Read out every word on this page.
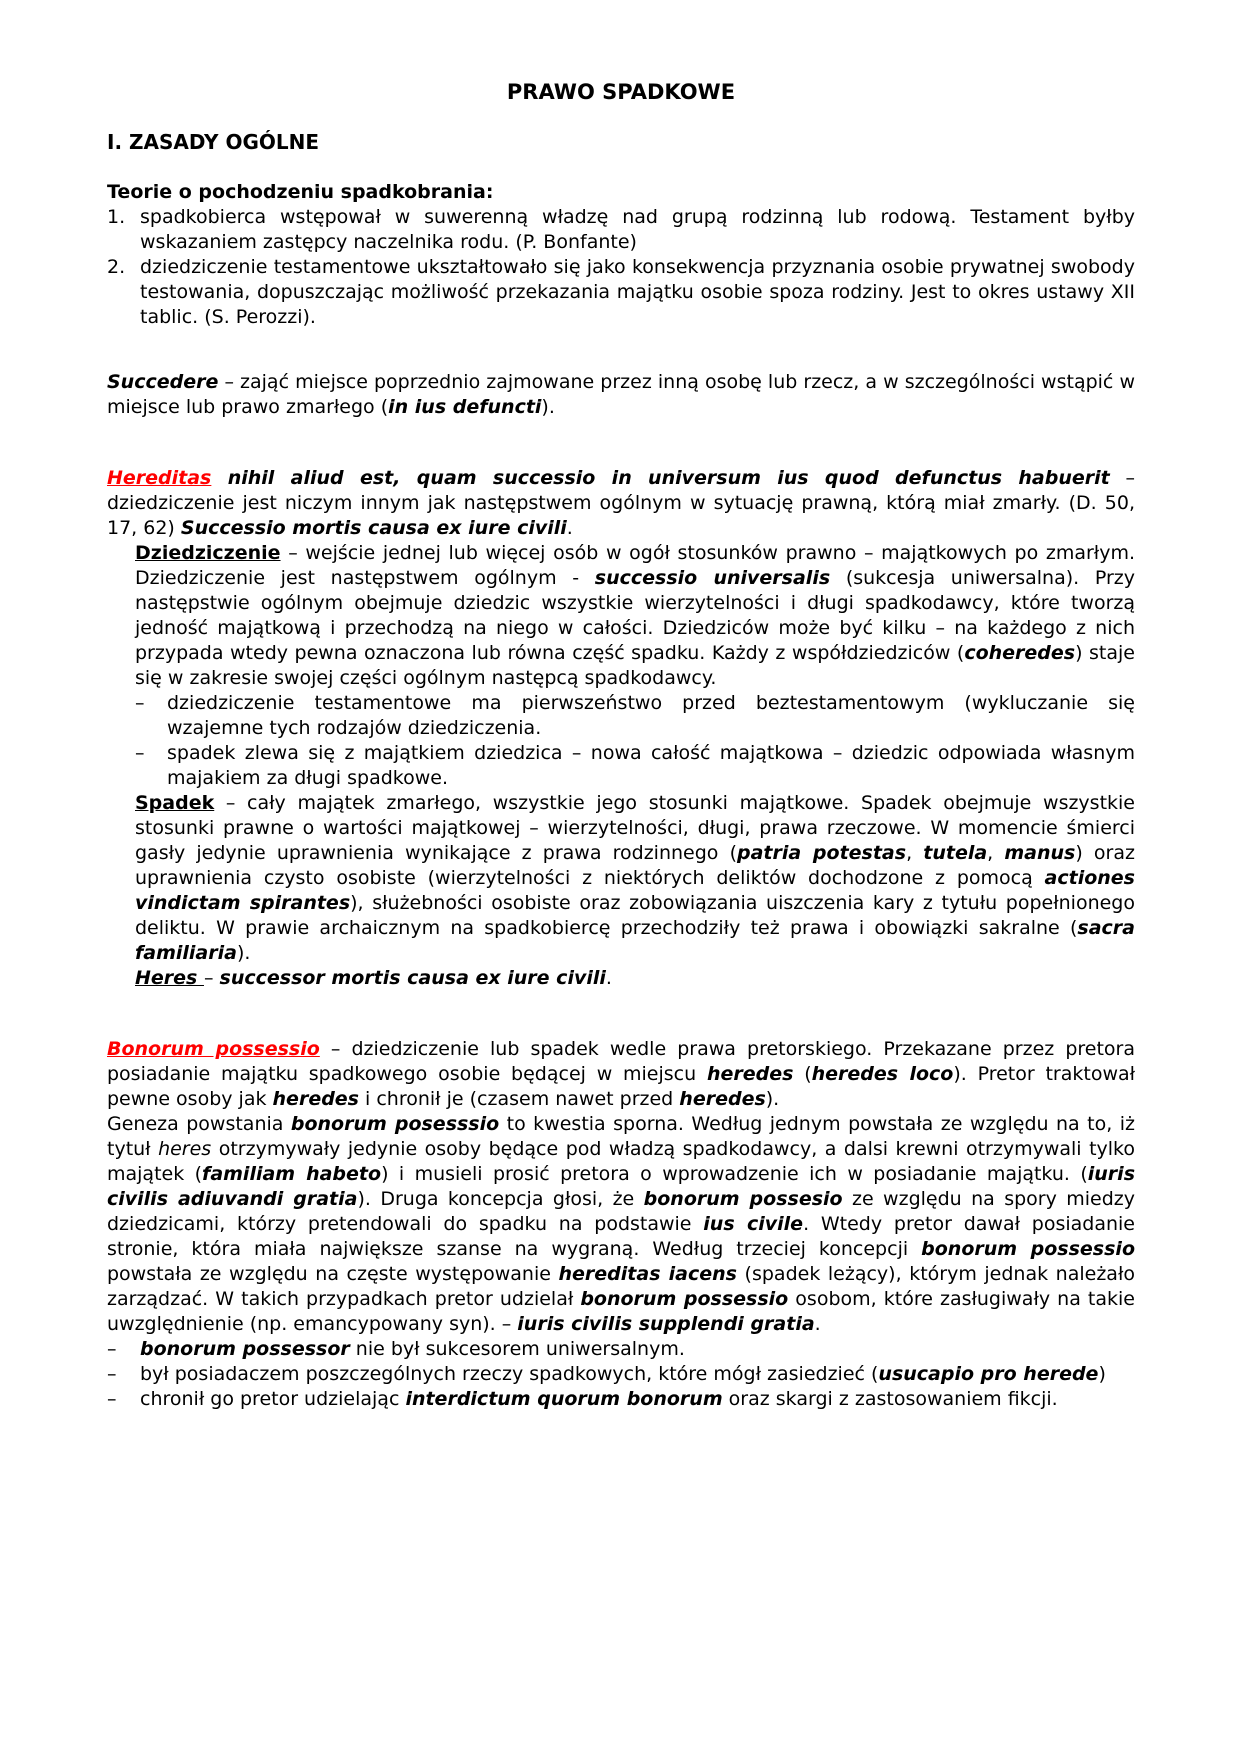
PRAWO SPADKOWE
I. ZASADY OGÓLNE
Teorie o pochodzeniu spadkobrania:
1. spadkobierca wstępował w suwerenną władzę nad grupą rodzinną lub rodową. Testament byłby wskazaniem zastępcy naczelnika rodu. (P. Bonfante)
2. dziedziczenie testamentowe ukształtowało się jako konsekwencja przyznania osobie prywatnej swobody testowania, dopuszczając możliwość przekazania majątku osobie spoza rodziny. Jest to okres ustawy XII tablic. (S. Perozzi).
Succedere – zająć miejsce poprzednio zajmowane przez inną osobę lub rzecz, a w szczególności wstąpić w miejsce lub prawo zmarłego (in ius defuncti).
Hereditas nihil aliud est, quam successio in universum ius quod defunctus habuerit – dziedziczenie jest niczym innym jak następstwem ogólnym w sytuację prawną, którą miał zmarły. (D. 50, 17, 62) Successio mortis causa ex iure civili.
Dziedziczenie – wejście jednej lub więcej osób w ogół stosunków prawno – majątkowych po zmarłym. Dziedziczenie jest następstwem ogólnym - successio universalis (sukcesja uniwersalna). Przy następstwie ogólnym obejmuje dziedzic wszystkie wierzytelności i długi spadkodawcy, które tworzą jedność majątkową i przechodzą na niego w całości. Dziedziców może być kilku – na każdego z nich przypada wtedy pewna oznaczona lub równa część spadku. Każdy z współdziedziców (coheredes) staje się w zakresie swojej części ogólnym następcą spadkodawcy.
– dziedziczenie testamentowe ma pierwszeństwo przed beztestamentowym (wykluczanie się wzajemne tych rodzajów dziedziczenia.
– spadek zlewa się z majątkiem dziedzica – nowa całość majątkowa – dziedzic odpowiada własnym majakiem za długi spadkowe.
Spadek – cały majątek zmarłego, wszystkie jego stosunki majątkowe. Spadek obejmuje wszystkie stosunki prawne o wartości majątkowej – wierzytelności, długi, prawa rzeczowe. W momencie śmierci gasły jedynie uprawnienia wynikające z prawa rodzinnego (patria potestas, tutela, manus) oraz uprawnienia czysto osobiste (wierzytelności z niektórych deliktów dochodzone z pomocą actiones vindictam spirantes), służebności osobiste oraz zobowiązania uiszczenia kary z tytułu popełnionego deliktu. W prawie archaicznym na spadkobiercę przechodziły też prawa i obowiązki sakralne (sacra familiaria).
Heres – successor mortis causa ex iure civili.
Bonorum possessio – dziedziczenie lub spadek wedle prawa pretorskiego. Przekazane przez pretora posiadanie majątku spadkowego osobie będącej w miejscu heredes (heredes loco). Pretor traktował pewne osoby jak heredes i chronił je (czasem nawet przed heredes).
Geneza powstania bonorum posesssio to kwestia sporna. Według jednym powstała ze względu na to, iż tytuł heres otrzymywały jedynie osoby będące pod władzą spadkodawcy, a dalsi krewni otrzymywali tylko majątek (familiam habeto) i musieli prosić pretora o wprowadzenie ich w posiadanie majątku. (iuris civilis adiuvandi gratia). Druga koncepcja głosi, że bonorum possesio ze względu na spory miedzy dziedzicami, którzy pretendowali do spadku na podstawie ius civile. Wtedy pretor dawał posiadanie stronie, która miała największe szanse na wygraną. Według trzeciej koncepcji bonorum possessio powstała ze względu na częste występowanie hereditas iacens (spadek leżący), którym jednak należało zarządzać. W takich przypadkach pretor udzielał bonorum possessio osobom, które zasługiwały na takie uwzględnienie (np. emancypowany syn). – iuris civilis supplendi gratia.
– bonorum possessor nie był sukcesorem uniwersalnym.
– był posiadaczem poszczególnych rzeczy spadkowych, które mógł zasiedzieć (usucapio pro herede)
– chronił go pretor udzielając interdictum quorum bonorum oraz skargi z zastosowaniem fikcji.
